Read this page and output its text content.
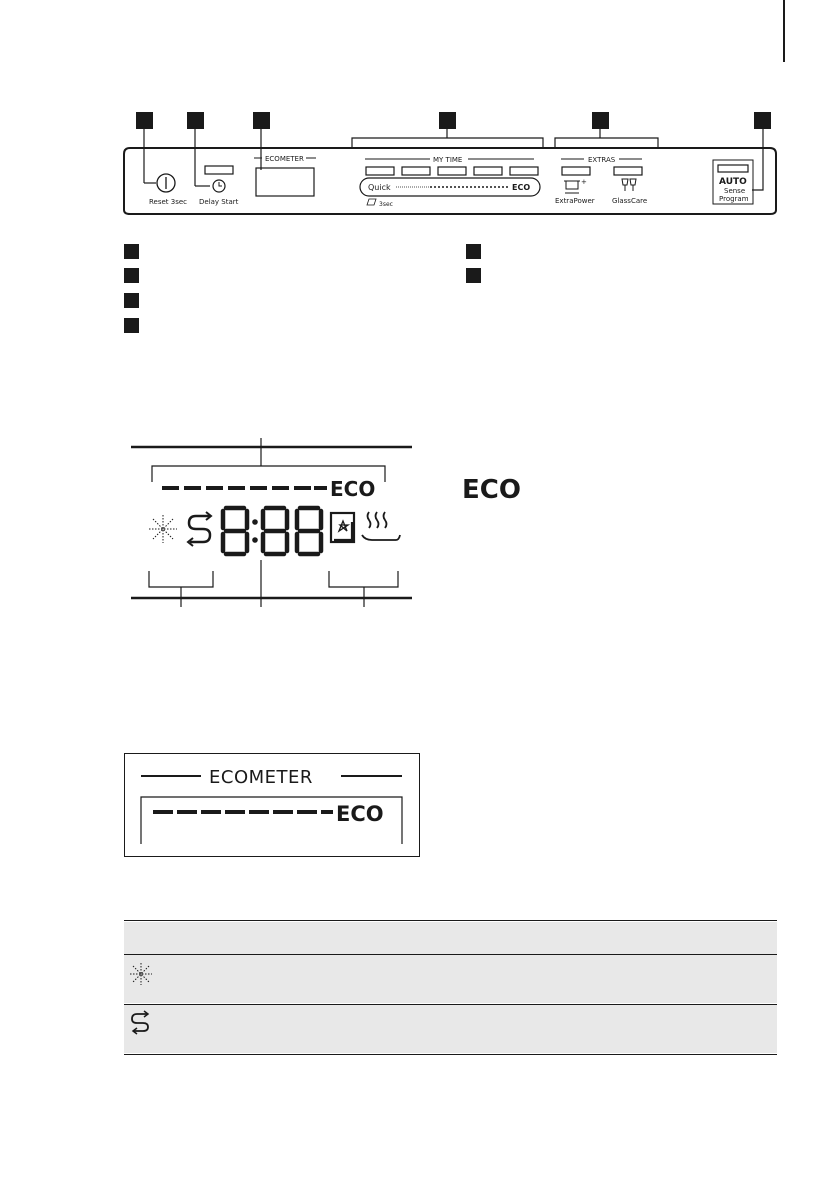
Reset 3sec Delay Start
ECOMETER	MY TIME
Quick	ECO
3sec
EXTRAS
+
ExtraPower GlassCare
AUTO
Sense
Program
ECO	ECO
ECOMETER
ECO
